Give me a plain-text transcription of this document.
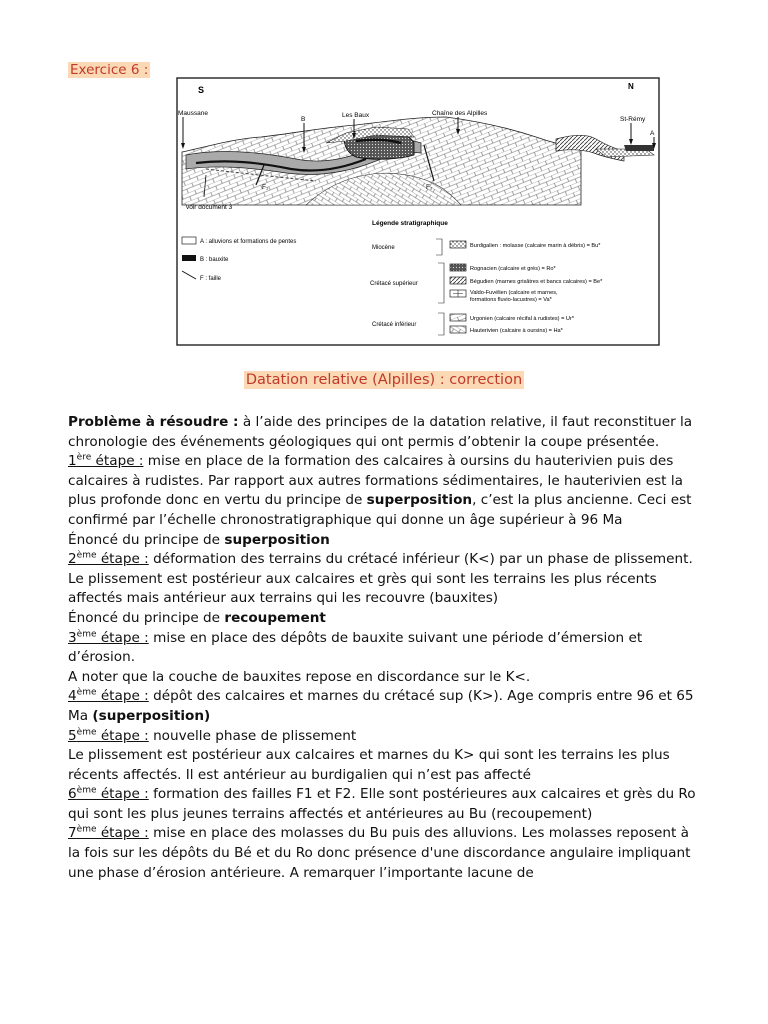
Exercice 6 :
S	N
Maussane
B
Les Baux	Chaîne des Alpilles
St-Rémy
A
F₁	F₂
voir document 3
Légende stratigraphique
A : alluvions et formations de pentes
B : bauxite
F : faille
Miocène
Crétacé supérieur
Crétacé inférieur
Burdigalien : molasse (calcaire marin à débris) = Bu*
Rognacien (calcaire et grès) = Ro*
Bégudien (marnes grisâtres et bancs calcaires) = Be*
Valdo-Fuvélien (calcaire et marnes,
formations fluvio-lacustres) = Va*
Urgonien (calcaire récifal à rudistes) = Ur*
Hauterivien (calcaire à oursins) = Ha*
Datation relative (Alpilles) : correction

Problème à résoudre : à l’aide des principes de la datation relative, il faut reconstituer la chronologie des événements géologiques qui ont permis d’obtenir la coupe présentée.

1ère étape : mise en place de la formation des calcaires à oursins du hauterivien puis des calcaires à rudistes. Par rapport aux autres formations sédimentaires, le hauterivien est la plus profonde donc en vertu du principe de superposition, c’est la plus ancienne. Ceci est confirmé par l’échelle chronostratigraphique qui donne un âge supérieur à 96 Ma

Énoncé du principe de superposition

2ème étape : déformation des terrains du crétacé inférieur (K<) par un phase de plissement.

Le plissement est postérieur aux calcaires et grès qui sont les terrains les plus récents affectés mais antérieur aux terrains qui les recouvre (bauxites)

Énoncé du principe de recoupement

3ème étape : mise en place des dépôts de bauxite suivant une période d’émersion et d’érosion.

A noter que la couche de bauxites repose en discordance sur le K<.

4ème étape : dépôt des calcaires et marnes du crétacé sup (K>). Age compris entre 96 et 65 Ma (superposition)

5ème étape : nouvelle phase de plissement

Le plissement est postérieur aux calcaires et marnes du K> qui sont les terrains les plus récents affectés. Il est antérieur au burdigalien qui n’est pas affecté

6ème étape : formation des failles F1 et F2. Elle sont postérieures aux calcaires et grès du Ro qui sont les plus jeunes terrains affectés et antérieures au Bu (recoupement)

7ème étape : mise en place des molasses du Bu puis des alluvions. Les molasses reposent à la fois sur les dépôts du Bé et du Ro donc présence d'une discordance angulaire impliquant une phase d’érosion antérieure. A remarquer l’importante lacune de
